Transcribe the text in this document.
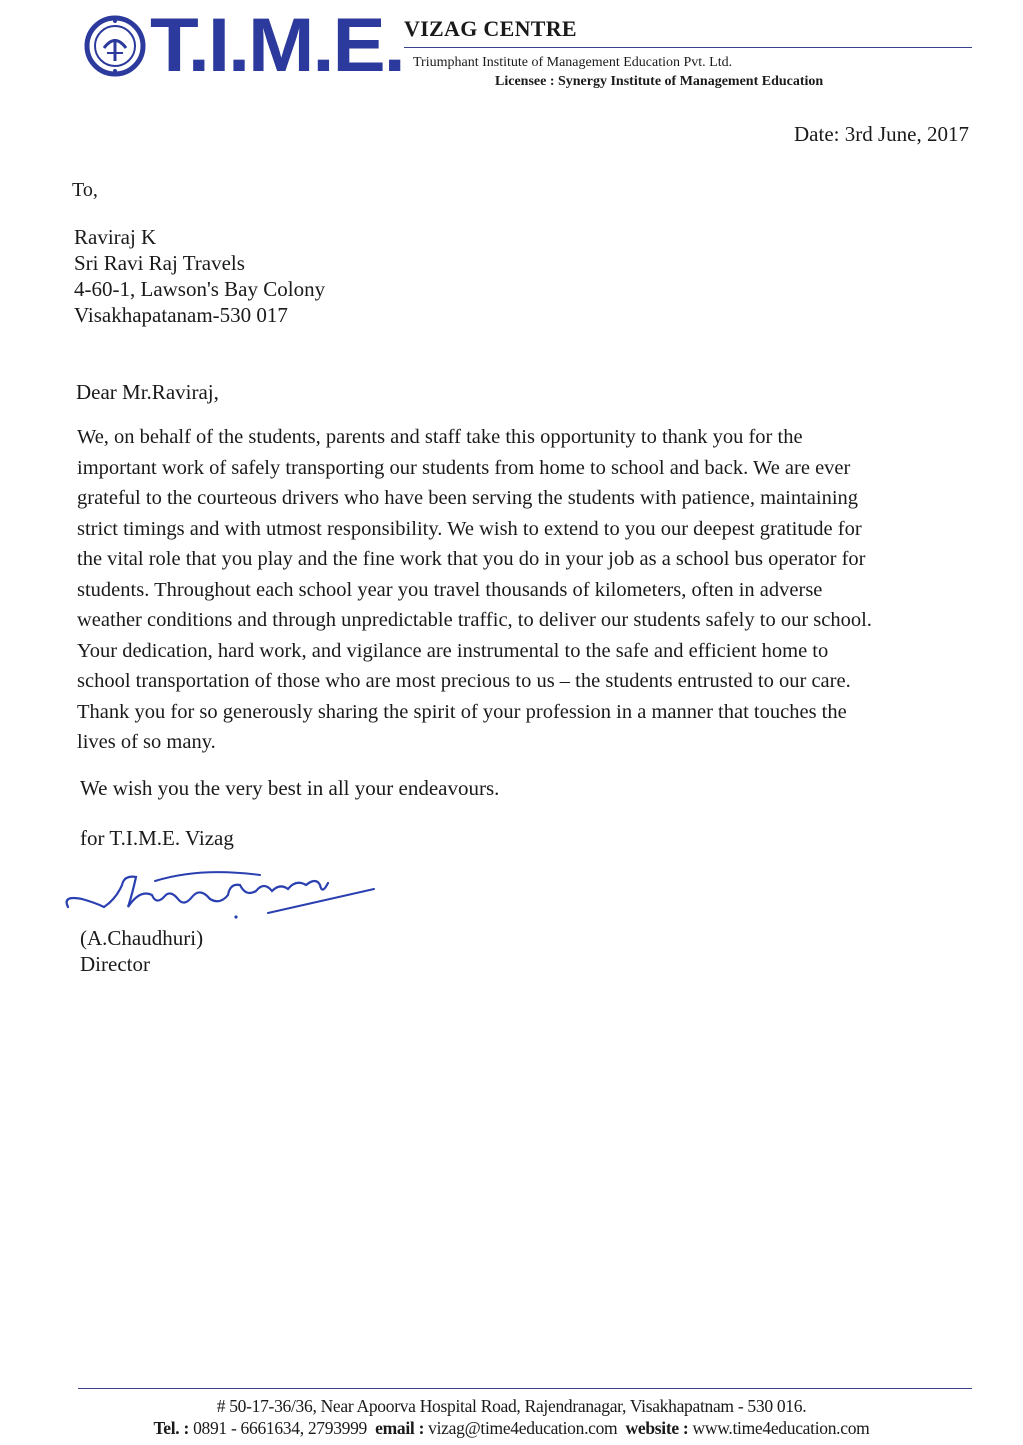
T.I.M.E. VIZAG CENTRE
Triumphant Institute of Management Education Pvt. Ltd.
Licensee : Synergy Institute of Management Education
Date: 3rd June, 2017
To,
Raviraj K
Sri Ravi Raj Travels
4-60-1, Lawson's Bay Colony
Visakhapatanam-530 017
Dear Mr.Raviraj,
We, on behalf of the students, parents and staff take this opportunity to thank you for the
important work of safely transporting our students from home to school and back. We are ever
grateful to the courteous drivers who have been serving the students with patience, maintaining
strict timings and with utmost responsibility. We wish to extend to you our deepest gratitude for
the vital role that you play and the fine work that you do in your job as a school bus operator for
students. Throughout each school year you travel thousands of kilometers, often in adverse
weather conditions and through unpredictable traffic, to deliver our students safely to our school.
Your dedication, hard work, and vigilance are instrumental to the safe and efficient home to
school transportation of those who are most precious to us – the students entrusted to our care.
Thank you for so generously sharing the spirit of your profession in a manner that touches the
lives of so many.
We wish you the very best in all your endeavours.
for T.I.M.E. Vizag
(A.Chaudhuri)
Director
# 50-17-36/36, Near Apoorva Hospital Road, Rajendranagar, Visakhapatnam - 530 016.
Tel. : 0891 - 6661634, 2793999 email : vizag@time4education.com website : www.time4education.com
